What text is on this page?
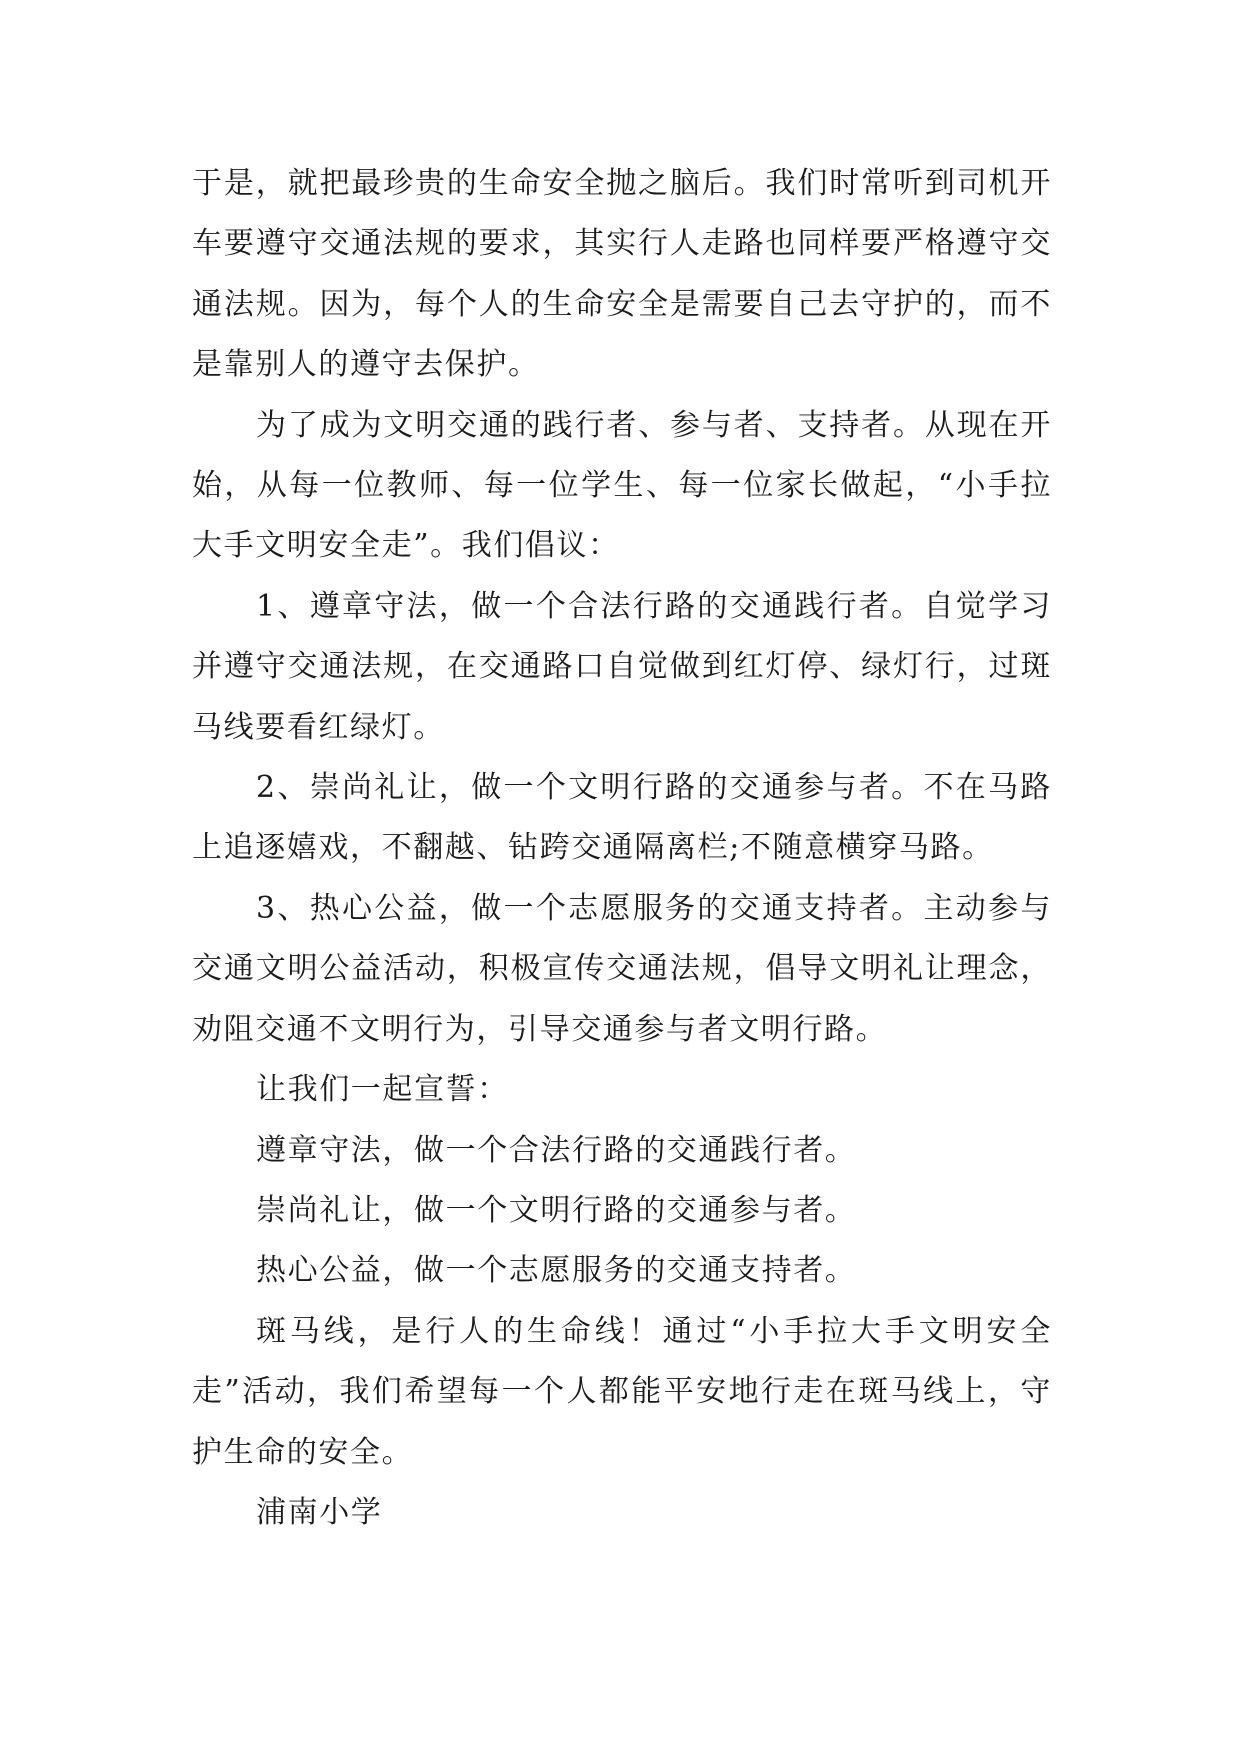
于是，就把最珍贵的生命安全抛之脑后。我们时常听到司机开车要遵守交通法规的要求，其实行人走路也同样要严格遵守交通法规。因为，每个人的生命安全是需要自己去守护的，而不是靠别人的遵守去保护。

为了成为文明交通的践行者、参与者、支持者。从现在开始，从每一位教师、每一位学生、每一位家长做起，“小手拉大手文明安全走”。我们倡议：

1、遵章守法，做一个合法行路的交通践行者。自觉学习并遵守交通法规，在交通路口自觉做到红灯停、绿灯行，过斑马线要看红绿灯。

2、崇尚礼让，做一个文明行路的交通参与者。不在马路上追逐嬉戏，不翻越、钻跨交通隔离栏;不随意横穿马路。

3、热心公益，做一个志愿服务的交通支持者。主动参与交通文明公益活动，积极宣传交通法规，倡导文明礼让理念，劝阻交通不文明行为，引导交通参与者文明行路。

让我们一起宣誓：

遵章守法，做一个合法行路的交通践行者。

崇尚礼让，做一个文明行路的交通参与者。

热心公益，做一个志愿服务的交通支持者。

斑马线，是行人的生命线！通过“小手拉大手文明安全走”活动，我们希望每一个人都能平安地行走在斑马线上，守护生命的安全。

浦南小学
